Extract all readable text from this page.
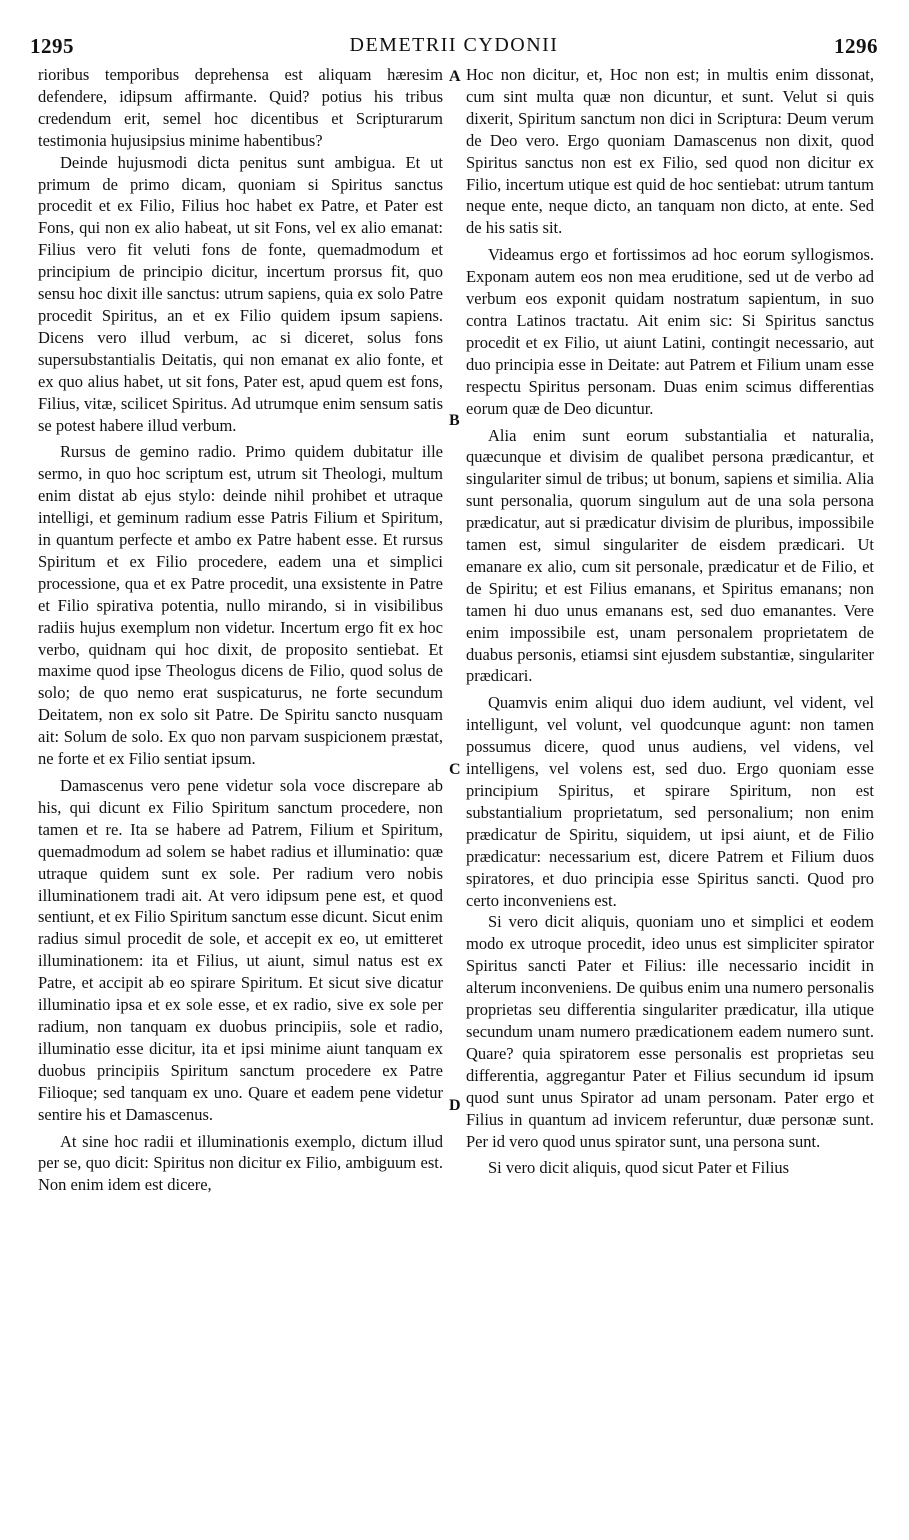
1295	DEMETRII CYDONII	1296

rioribus temporibus deprehensa est aliquam hæresim defendere, idipsum affirmante. Quid? potius his tribus credendum erit, semel hoc dicentibus et Scripturarum testimonia hujusipsius minime habentibus?

Deinde hujusmodi dicta penitus sunt ambigua. Et ut primum de primo dicam, quoniam si Spiritus sanctus procedit et ex Filio, Filius hoc habet ex Patre, et Pater est Fons, qui non ex alio habeat, ut sit Fons, vel ex alio emanat: Filius vero fit veluti fons de fonte, quemadmodum et principium de principio dicitur, incertum prorsus fit, quo sensu hoc dixit ille sanctus: utrum sapiens, quia ex solo Patre procedit Spiritus, an et ex Filio quidem ipsum sapiens. Dicens vero illud verbum, ac si diceret, solus fons supersubstantialis Deitatis, qui non emanat ex alio fonte, et ex quo alius habet, ut sit fons, Pater est, apud quem est fons, Filius, vitæ, scilicet Spiritus. Ad utrumque enim sensum satis se potest habere illud verbum.

Rursus de gemino radio. Primo quidem dubitatur ille sermo, in quo hoc scriptum est, utrum sit Theologi, multum enim distat ab ejus stylo: deinde nihil prohibet et utraque intelligi, et geminum radium esse Patris Filium et Spiritum, in quantum perfecte et ambo ex Patre habent esse. Et rursus Spiritum et ex Filio procedere, eadem una et simplici processione, qua et ex Patre procedit, una exsistente in Patre et Filio spirativa potentia, nullo mirando, si in visibilibus radiis hujus exemplum non videtur. Incertum ergo fit ex hoc verbo, quidnam qui hoc dixit, de proposito sentiebat. Et maxime quod ipse Theologus dicens de Filio, quod solus de solo; de quo nemo erat suspicaturus, ne forte secundum Deitatem, non ex solo sit Patre. De Spiritu sancto nusquam ait: Solum de solo. Ex quo non parvam suspicionem præstat, ne forte et ex Filio sentiat ipsum.

Damascenus vero pene videtur sola voce discrepare ab his, qui dicunt ex Filio Spiritum sanctum procedere, non tamen et re. Ita se habere ad Patrem, Filium et Spiritum, quemadmodum ad solem se habet radius et illuminatio: quæ utraque quidem sunt ex sole. Per radium vero nobis illuminationem tradi ait. At vero idipsum pene est, et quod sentiunt, et ex Filio Spiritum sanctum esse dicunt. Sicut enim radius simul procedit de sole, et accepit ex eo, ut emitteret illuminationem: ita et Filius, ut aiunt, simul natus est ex Patre, et accipit ab eo spirare Spiritum. Et sicut sive dicatur illuminatio ipsa et ex sole esse, et ex radio, sive ex sole per radium, non tanquam ex duobus principiis, sole et radio, illuminatio esse dicitur, ita et ipsi minime aiunt tanquam ex duobus principiis Spiritum sanctum procedere ex Patre Filioque; sed tanquam ex uno. Quare et eadem pene videtur sentire his et Damascenus.

At sine hoc radii et illuminationis exemplo, dictum illud per se, quo dicit: Spiritus non dicitur ex Filio, ambiguum est. Non enim idem est dicere,

A
B
C
D

Hoc non dicitur, et, Hoc non est; in multis enim dissonat, cum sint multa quæ non dicuntur, et sunt. Velut si quis dixerit, Spiritum sanctum non dici in Scriptura: Deum verum de Deo vero. Ergo quoniam Damascenus non dixit, quod Spiritus sanctus non est ex Filio, sed quod non dicitur ex Filio, incertum utique est quid de hoc sentiebat: utrum tantum neque ente, neque dicto, an tanquam non dicto, at ente. Sed de his satis sit.

Videamus ergo et fortissimos ad hoc eorum syllogismos. Exponam autem eos non mea eruditione, sed ut de verbo ad verbum eos exponit quidam nostratum sapientum, in suo contra Latinos tractatu. Ait enim sic: Si Spiritus sanctus procedit et ex Filio, ut aiunt Latini, contingit necessario, aut duo principia esse in Deitate: aut Patrem et Filium unam esse respectu Spiritus personam. Duas enim scimus differentias eorum quæ de Deo dicuntur.

Alia enim sunt eorum substantialia et naturalia, quæcunque et divisim de qualibet persona prædicantur, et singulariter simul de tribus; ut bonum, sapiens et similia. Alia sunt personalia, quorum singulum aut de una sola persona prædicatur, aut si prædicatur divisim de pluribus, impossibile tamen est, simul singulariter de eisdem prædicari. Ut emanare ex alio, cum sit personale, prædicatur et de Filio, et de Spiritu; et est Filius emanans, et Spiritus emanans; non tamen hi duo unus emanans est, sed duo emanantes. Vere enim impossibile est, unam personalem proprietatem de duabus personis, etiamsi sint ejusdem substantiæ, singulariter prædicari.

Quamvis enim aliqui duo idem audiunt, vel vident, vel intelligunt, vel volunt, vel quodcunque agunt: non tamen possumus dicere, quod unus audiens, vel videns, vel intelligens, vel volens est, sed duo. Ergo quoniam esse principium Spiritus, et spirare Spiritum, non est substantialium proprietatum, sed personalium; non enim prædicatur de Spiritu, siquidem, ut ipsi aiunt, et de Filio prædicatur: necessarium est, dicere Patrem et Filium duos spiratores, et duo principia esse Spiritus sancti. Quod pro certo inconveniens est.

Si vero dicit aliquis, quoniam uno et simplici et eodem modo ex utroque procedit, ideo unus est simpliciter spirator Spiritus sancti Pater et Filius: ille necessario incidit in alterum inconveniens. De quibus enim una numero personalis proprietas seu differentia singulariter prædicatur, illa utique secundum unam numero prædicationem eadem numero sunt. Quare? quia spiratorem esse personalis est proprietas seu differentia, aggregantur Pater et Filius secundum id ipsum quod sunt unus Spirator ad unam personam. Pater ergo et Filius in quantum ad invicem referuntur, duæ personæ sunt. Per id vero quod unus spirator sunt, una persona sunt.

Si vero dicit aliquis, quod sicut Pater et Filius
